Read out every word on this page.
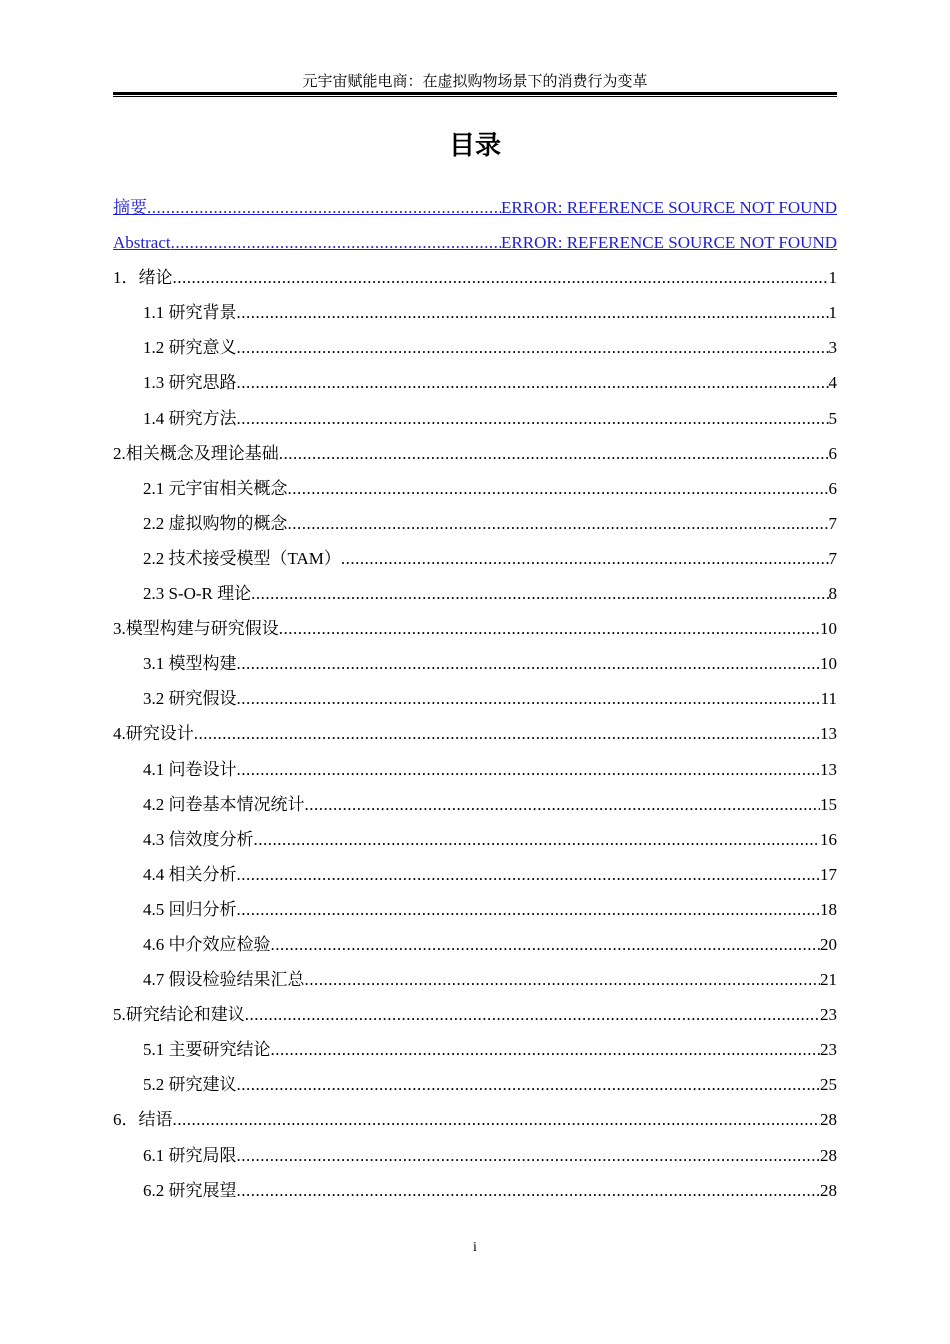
元宇宙赋能电商：在虚拟购物场景下的消费行为变革
目录
摘要 .....	ERROR: REFERENCE SOURCE NOT FOUND
Abstract .....	ERROR: REFERENCE SOURCE NOT FOUND
1．绪论 .....	1
1.1 研究背景 .....	1
1.2 研究意义 .....	3
1.3 研究思路 .....	4
1.4 研究方法 .....	5
2.相关概念及理论基础 .....	6
2.1 元宇宙相关概念 .....	6
2.2 虚拟购物的概念 .....	7
2.2 技术接受模型（TAM） .....	7
2.3 S-O-R 理论 .....	8
3.模型构建与研究假设 .....	10
3.1 模型构建 .....	10
3.2 研究假设 .....	11
4.研究设计 .....	13
4.1 问卷设计 .....	13
4.2 问卷基本情况统计 .....	15
4.3 信效度分析 .....	16
4.4 相关分析 .....	17
4.5 回归分析 .....	18
4.6 中介效应检验 .....	20
4.7 假设检验结果汇总 .....	21
5.研究结论和建议 .....	23
5.1 主要研究结论 .....	23
5.2 研究建议 .....	25
6．结语 .....	28
6.1 研究局限 .....	28
6.2 研究展望 .....	28
i
